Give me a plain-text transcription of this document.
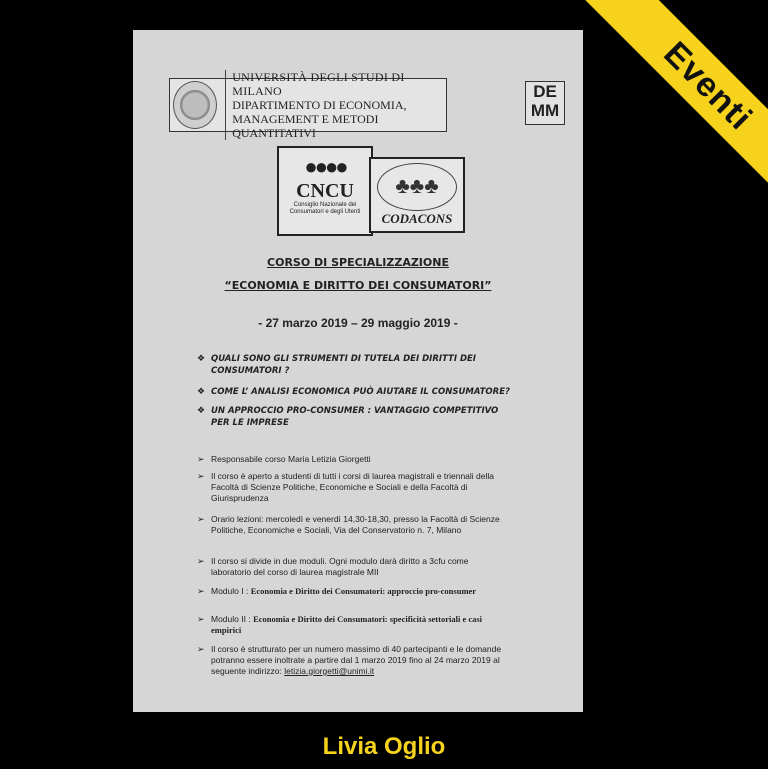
Eventi
UNIVERSITÀ DEGLI STUDI DI MILANO
DIPARTIMENTO DI ECONOMIA,
MANAGEMENT E METODI QUANTITATIVI
DE
MM
●●●●
CNCU
Consiglio Nazionale dei
Consumatori e degli Utenti
♣♣♣
CODACONS
CORSO DI SPECIALIZZAZIONE
“ECONOMIA E DIRITTO DEI CONSUMATORI”
- 27 marzo 2019 – 29 maggio 2019 -
❖ QUALI SONO GLI STRUMENTI DI TUTELA DEI DIRITTI DEI CONSUMATORI ?
❖ COME L’ ANALISI ECONOMICA PUÒ AIUTARE IL CONSUMATORE?
❖ UN APPROCCIO PRO-CONSUMER : VANTAGGIO COMPETITIVO PER LE IMPRESE
➢ Responsabile corso Maria Letizia Giorgetti
➢ Il corso è aperto a studenti di tutti i corsi di laurea magistrali e triennali della Facoltà di Scienze Politiche, Economiche e Sociali e della Facoltà di Giurisprudenza
➢ Orario lezioni: mercoledì e venerdì 14,30-18,30, presso la Facoltà di Scienze Politiche, Economiche e Sociali, Via del Conservatorio n. 7, Milano
➢ Il corso si divide in due moduli. Ogni modulo darà diritto a 3cfu come laboratorio del corso di laurea magistrale MII
➢ Modulo I : Economia e Diritto dei Consumatori: approccio pro-consumer
➢ Modulo II : Economia e Diritto dei Consumatori: specificità settoriali e casi empirici
➢ Il corso è strutturato per un numero massimo di 40 partecipanti e le domande potranno essere inoltrate a partire dal 1 marzo 2019 fino al 24 marzo 2019 al seguente indirizzo: letizia.giorgetti@unimi.it
Livia Oglio
